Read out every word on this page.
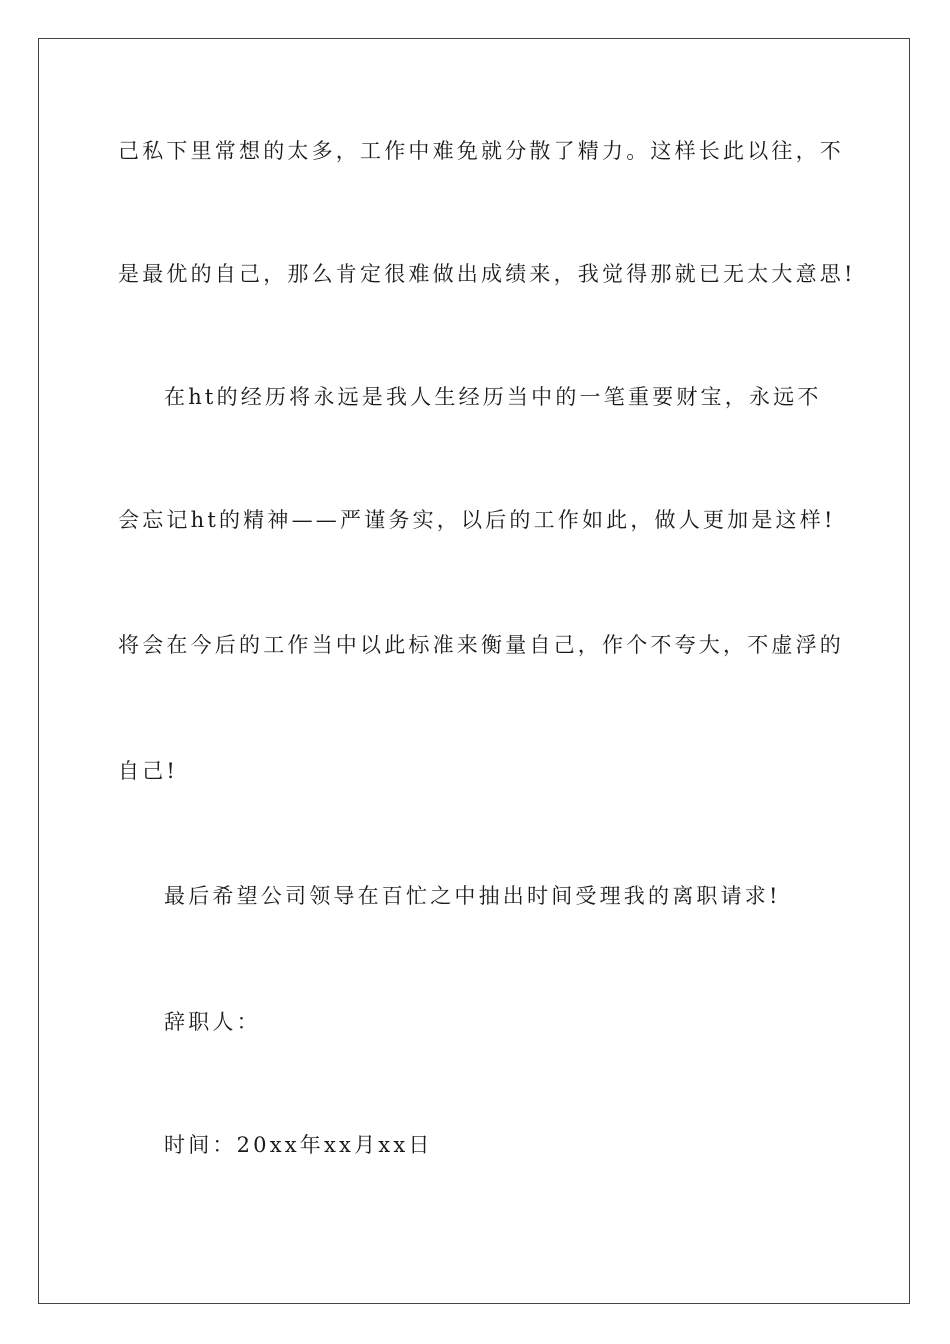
己私下里常想的太多，工作中难免就分散了精力。这样长此以往，不
是最优的自己，那么肯定很难做出成绩来，我觉得那就已无太大意思!
在ht的经历将永远是我人生经历当中的一笔重要财宝，永远不
会忘记ht的精神——严谨务实，以后的工作如此，做人更加是这样!
将会在今后的工作当中以此标准来衡量自己，作个不夸大，不虚浮的
自己!
最后希望公司领导在百忙之中抽出时间受理我的离职请求!
辞职人：
时间：20xx年xx月xx日
